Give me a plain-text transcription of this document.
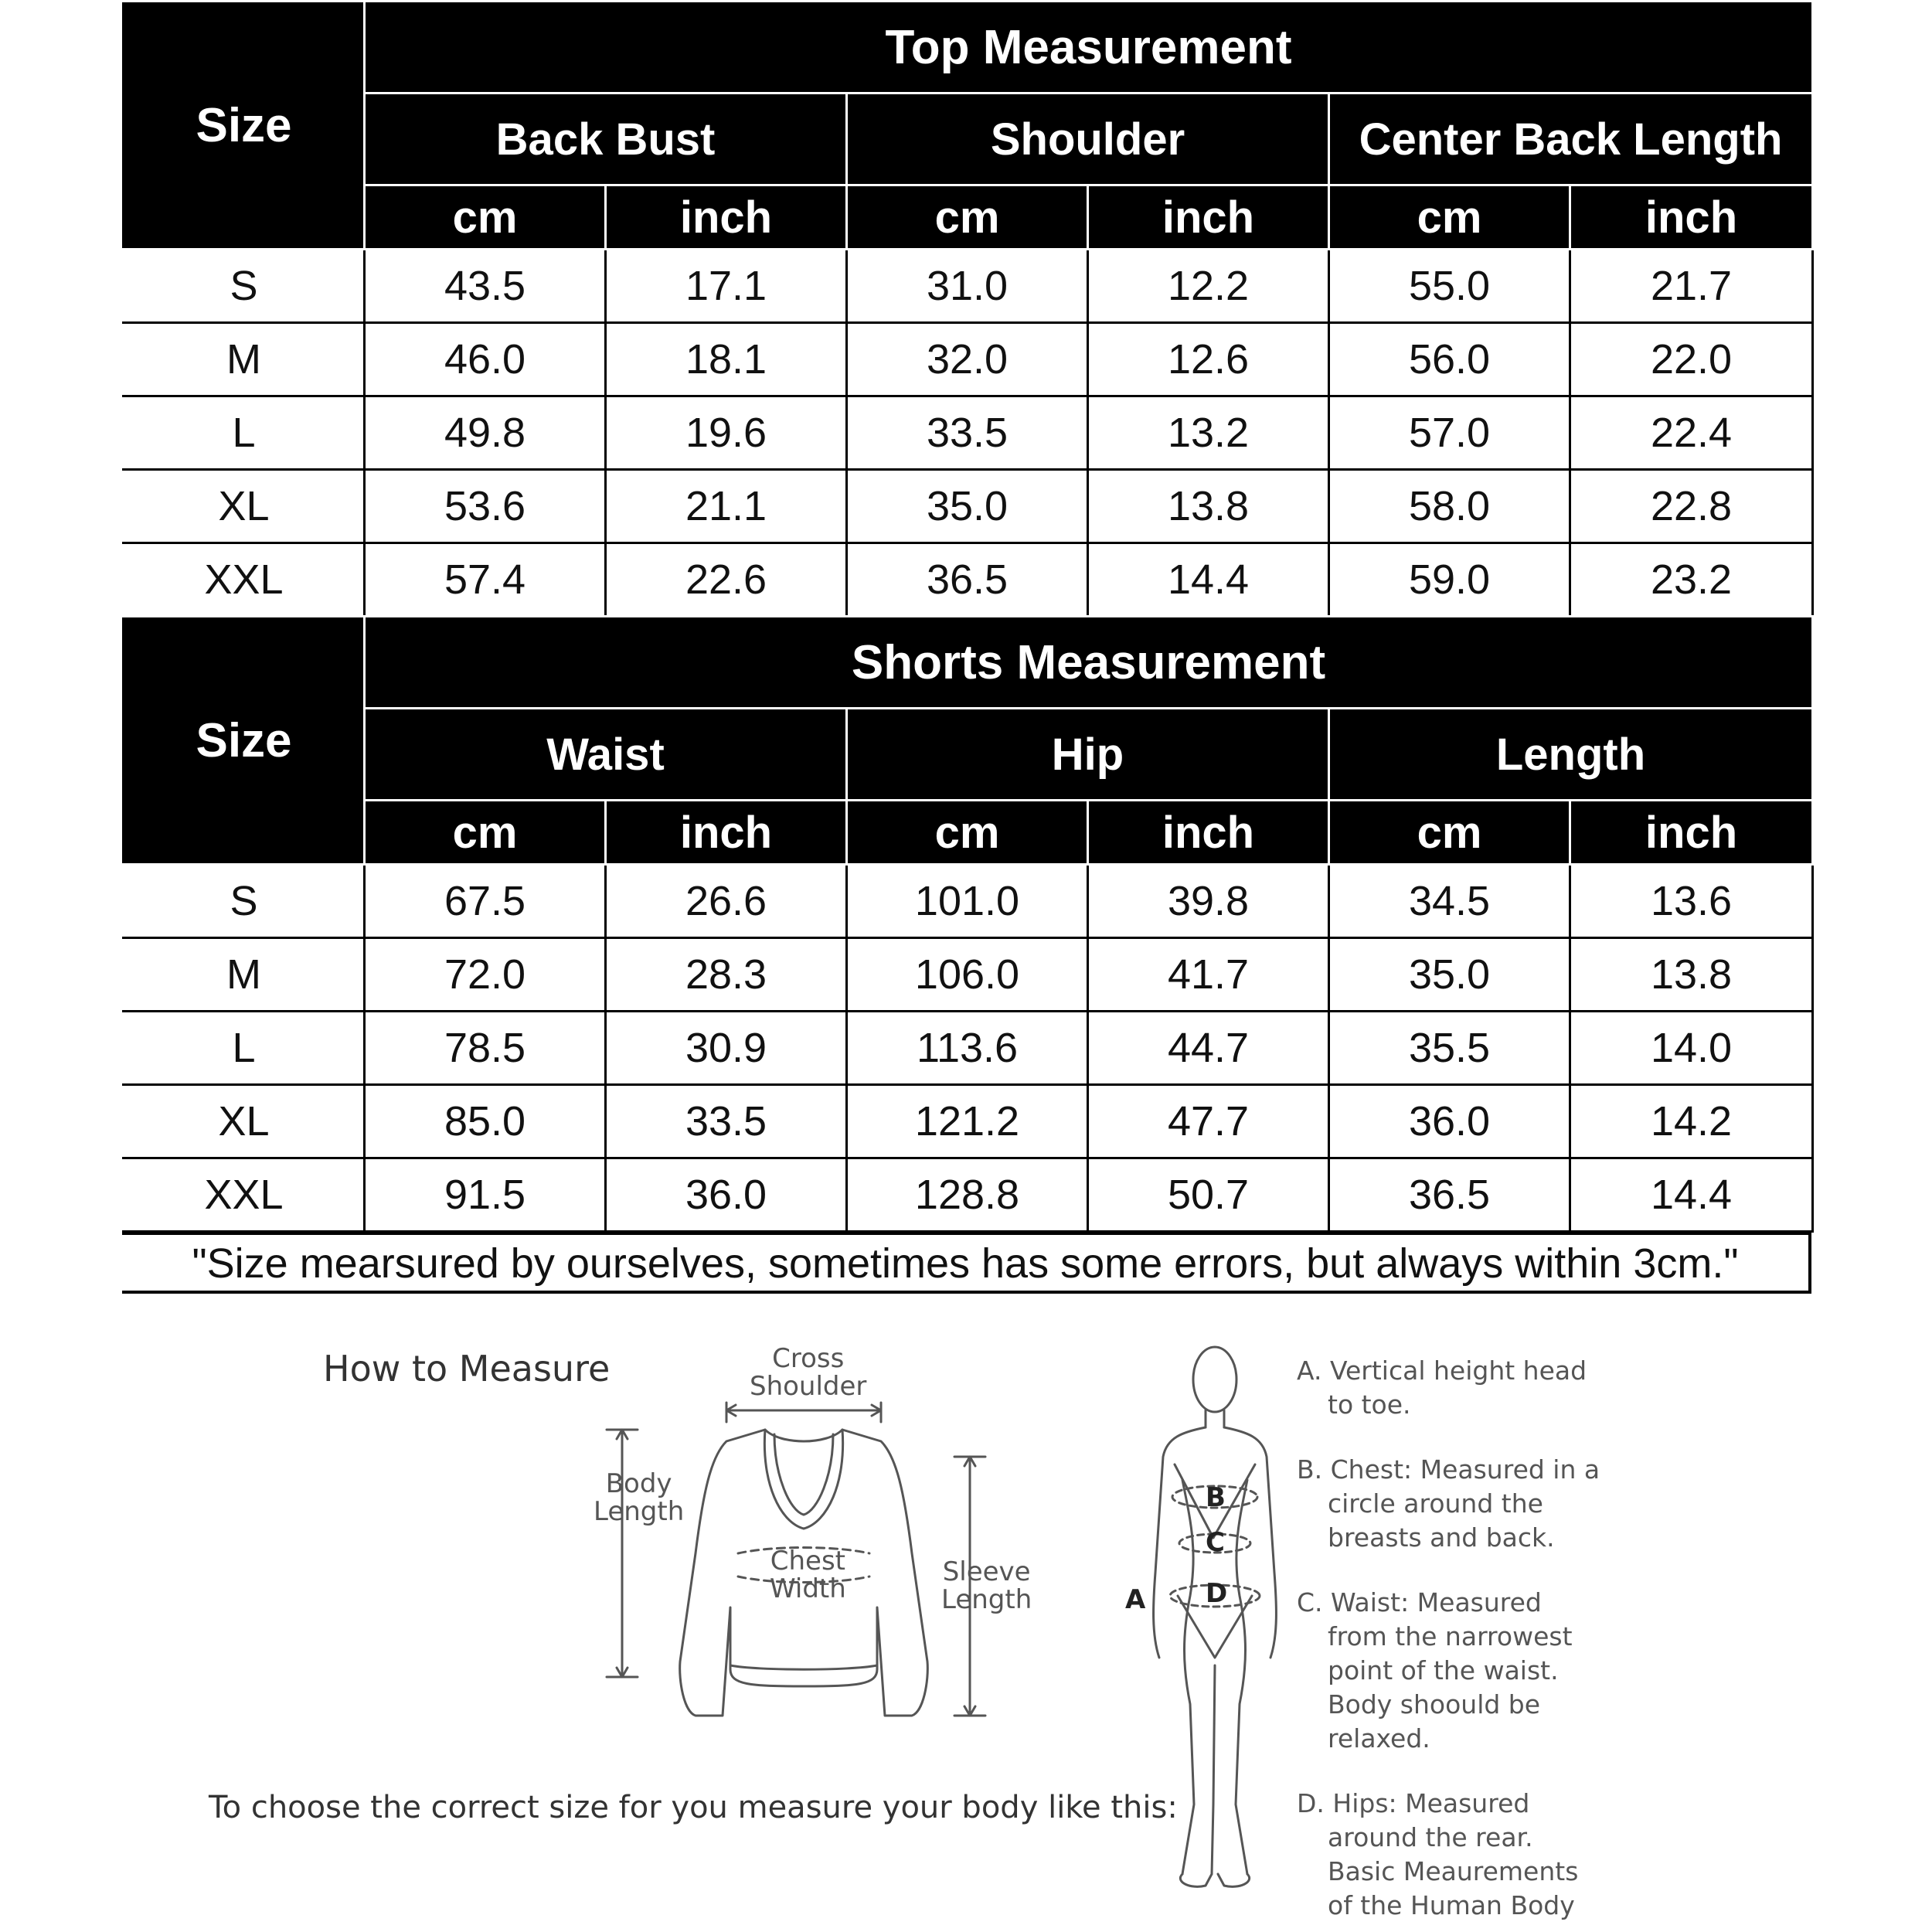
Size	Top Measurement					
	Back Bust		Shoulder		Center Back Length	
	cm	inch	cm	inch	cm	inch
S	43.5	17.1	31.0	12.2	55.0	21.7
M	46.0	18.1	32.0	12.6	56.0	22.0
L	49.8	19.6	33.5	13.2	57.0	22.4
XL	53.6	21.1	35.0	13.8	58.0	22.8
XXL	57.4	22.6	36.5	14.4	59.0	23.2
Size	Shorts Measurement					
	Waist		Hip		Length	
	cm	inch	cm	inch	cm	inch
S	67.5	26.6	101.0	39.8	34.5	13.6
M	72.0	28.3	106.0	41.7	35.0	13.8
L	78.5	30.9	113.6	44.7	35.5	14.0
XL	85.0	33.5	121.2	47.7	36.0	14.2
XXL	91.5	36.0	128.8	50.7	36.5	14.4
"Size mearsured by ourselves, sometimes has some errors, but always within 3cm."
How to Measure	Cross
Shoulder
Body
Length
Chest
Width
Sleeve
Length
To choose the correct size for you measure your body like this:
A
B
C
D
A. Vertical height head
to toe.
B. Chest: Measured in a
circle around the breasts and back.
C. Waist: Measured
from the narrowest point of the waist. Body shoould be relaxed.
D. Hips: Measured
around the rear. Basic Meaurements of the Human Body
